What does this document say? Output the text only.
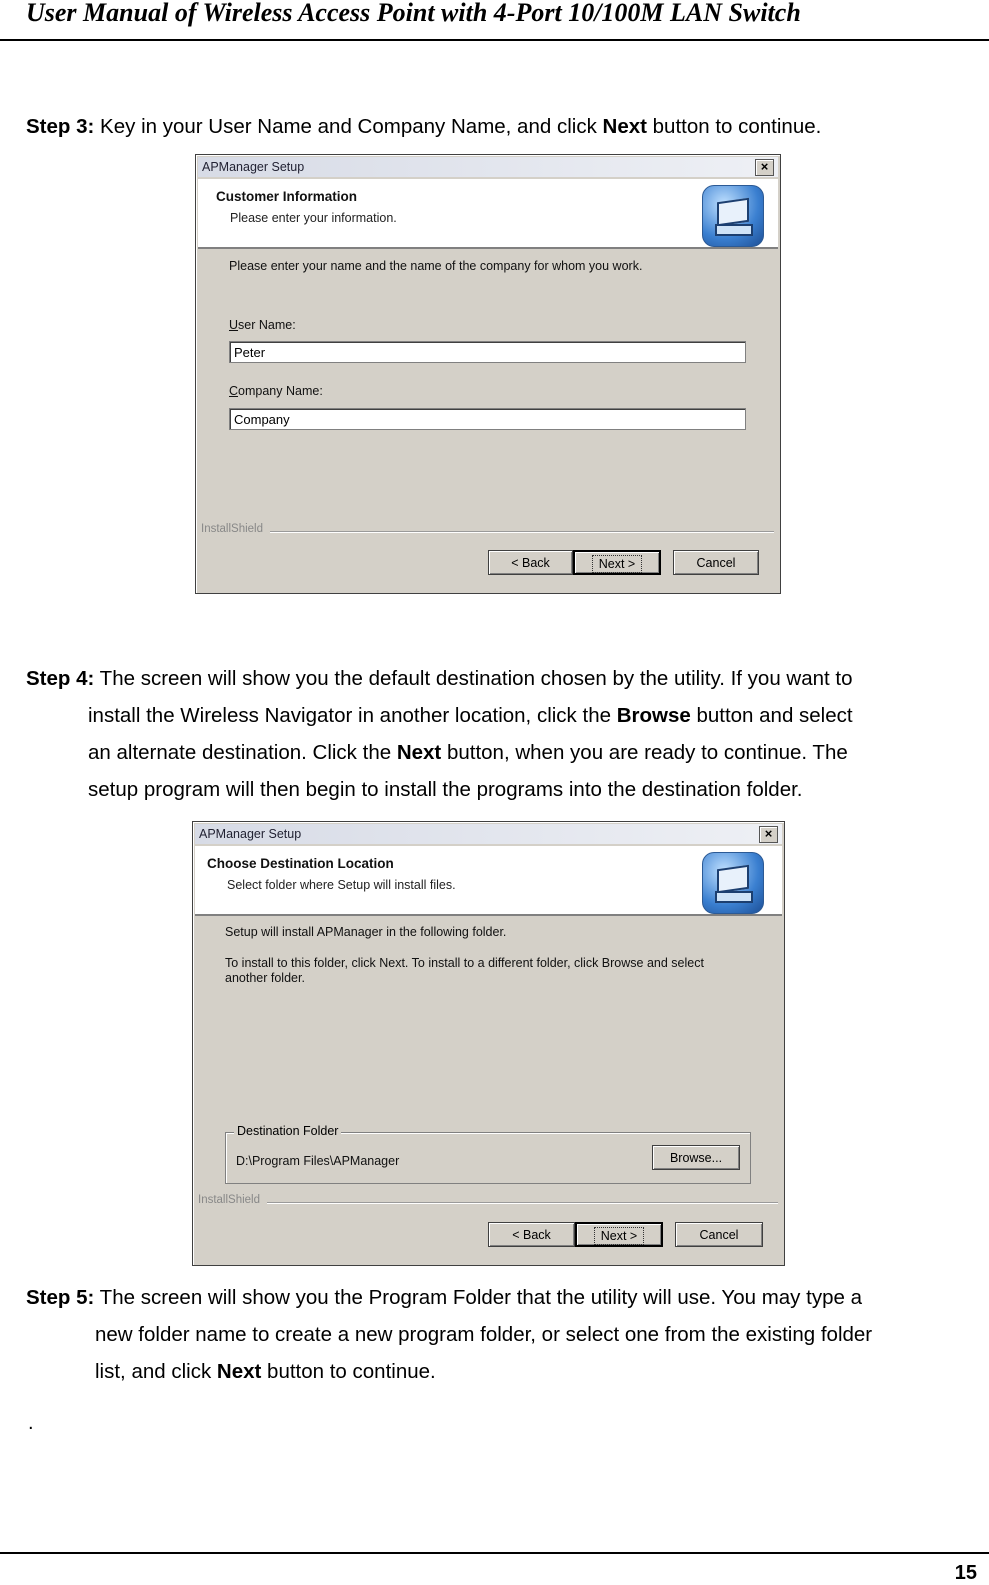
User Manual of Wireless Access Point with 4-Port 10/100M LAN Switch
Step 3: Key in your User Name and Company Name, and click Next button to continue.
APManager Setup	×
Customer Information
Please enter your information.
Please enter your name and the name of the company for whom you work.
User Name:
Peter
Company Name:
Company
InstallShield
< Back	Next >	Cancel
Step 4: The screen will show you the default destination chosen by the utility. If you want to
install the Wireless Navigator in another location, click the Browse button and select
an alternate destination. Click the Next button, when you are ready to continue. The
setup program will then begin to install the programs into the destination folder.
APManager Setup	×
Choose Destination Location
Select folder where Setup will install files.
Setup will install APManager in the following folder.
To install to this folder, click Next. To install to a different folder, click Browse and select
another folder.
Destination Folder
D:\Program Files\APManager	Browse...
InstallShield
< Back	Next >	Cancel
Step 5: The screen will show you the Program Folder that the utility will use. You may type a
new folder name to create a new program folder, or select one from the existing folder
list, and click Next button to continue.
.
15
